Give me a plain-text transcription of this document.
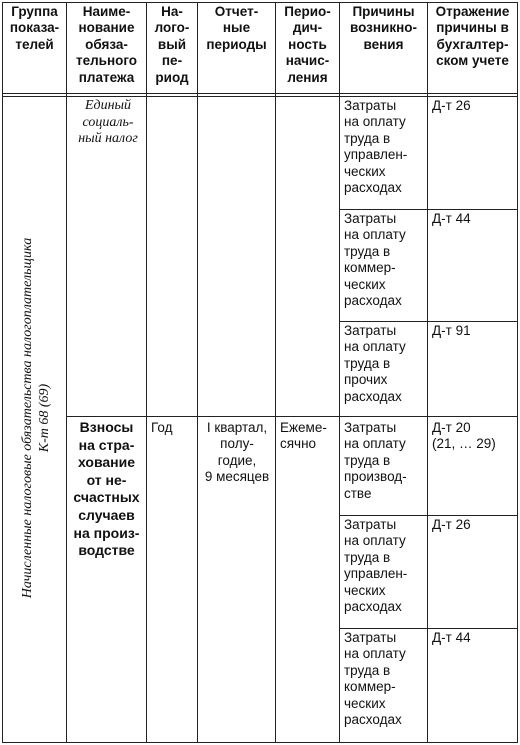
Группа
показа-
телей
Наиме-
нование
обяза-
тельного
платежа
На-
лого-
вый
пе-
риод
Отчет-
ные
периоды
Перио-
дич-
ность
начис-
ления
Причины
возникно-
вения
Отражение
причины в
бухгалтер-
ском учете
Начисленные налоговые обязательства налогоплательщика
К-т 68 (69)
Единый
социаль-
ный налог
Затраты
на оплату
труда в
управлен-
ческих
расходах
Д-т 26
Затраты
на оплату
труда в
коммер-
ческих
расходах
Д-т 44
Затраты
на оплату
труда в
прочих
расходах
Д-т 91
Взносы
на стра-
хование
от не-
счастных
случаев
на произ-
водстве
Год	I квартал,
полу-
годие,
9 месяцев
Ежеме-
сячно
Затраты
на оплату
труда в
производ-
стве
Д-т 20
(21, … 29)
Затраты
на оплату
труда в
управлен-
ческих
расходах
Д-т 26
Затраты
на оплату
труда в
коммер-
ческих
расходах
Д-т 44
